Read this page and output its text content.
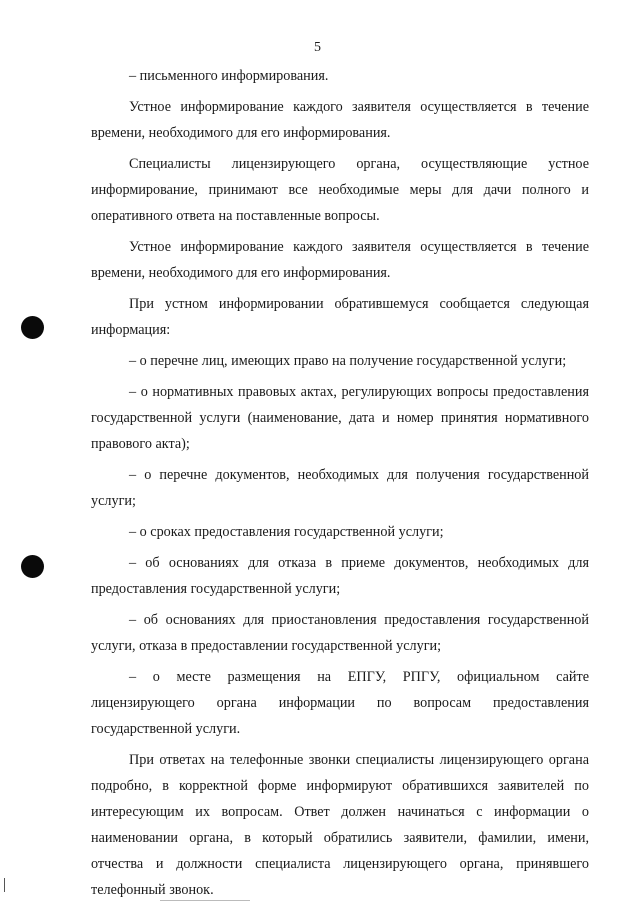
5

– письменного информирования.

Устное информирование каждого заявителя осуществляется в течение времени, необходимого для его информирования.

Специалисты лицензирующего органа, осуществляющие устное информирование, принимают все необходимые меры для дачи полного и оперативного ответа на поставленные вопросы.

Устное информирование каждого заявителя осуществляется в течение времени, необходимого для его информирования.

При устном информировании обратившемуся сообщается следующая информация:

– о перечне лиц, имеющих право на получение государственной услуги;

– о нормативных правовых актах, регулирующих вопросы предоставления государственной услуги (наименование, дата и номер принятия нормативного правового акта);

– о перечне документов, необходимых для получения государственной услуги;

– о сроках предоставления государственной услуги;

– об основаниях для отказа в приеме документов, необходимых для предоставления государственной услуги;

– об основаниях для приостановления предоставления государственной услуги, отказа в предоставлении государственной услуги;

– о месте размещения на ЕПГУ, РПГУ, официальном сайте лицензирующего органа информации по вопросам предоставления государственной услуги.

При ответах на телефонные звонки специалисты лицензирующего органа подробно, в корректной форме информируют обратившихся заявителей по интересующим их вопросам. Ответ должен начинаться с информации о наименовании органа, в который обратились заявители, фамилии, имени, отчества и должности специалиста лицензирующего органа, принявшего телефонный звонок.
